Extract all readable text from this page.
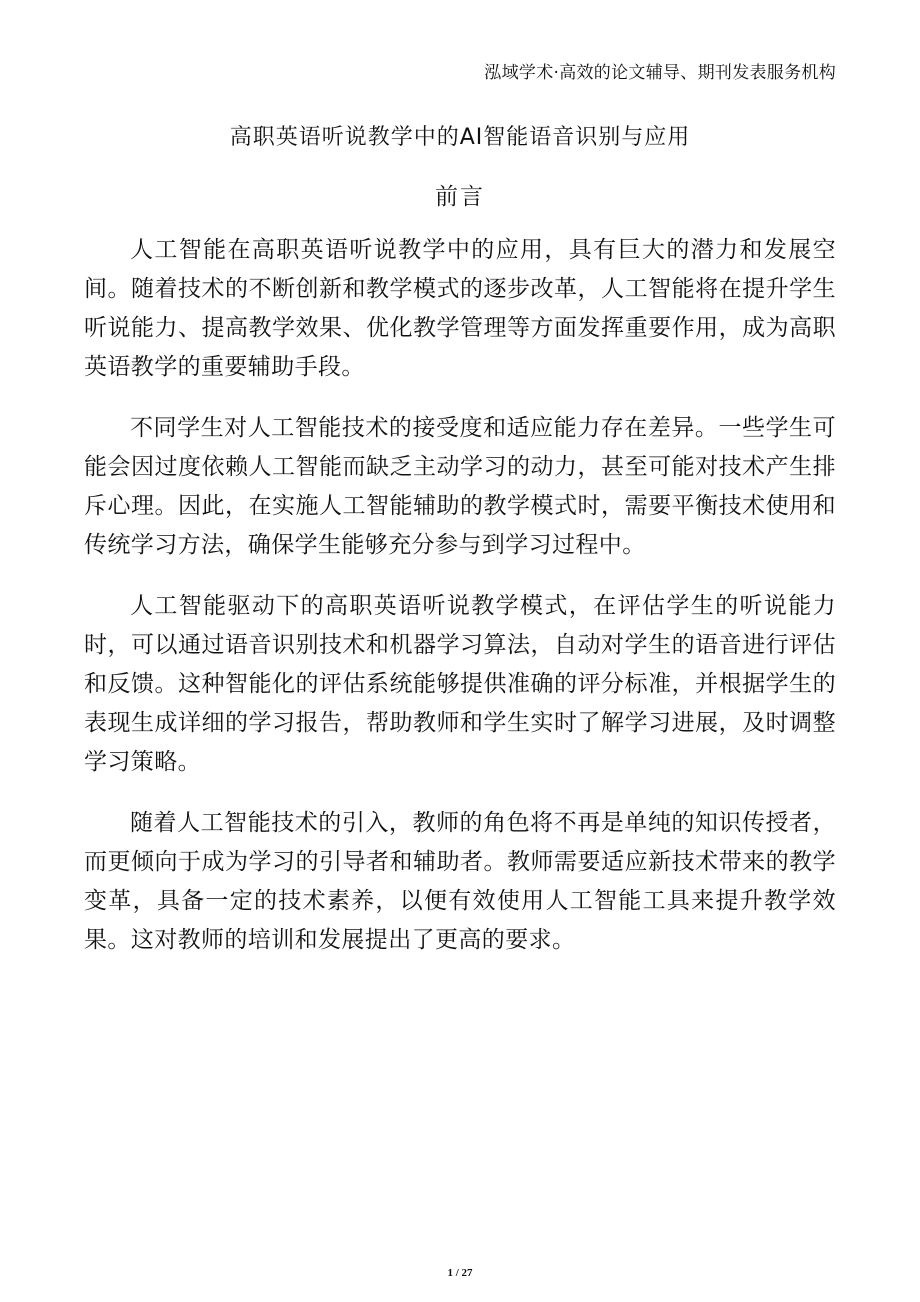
泓域学术·高效的论文辅导、期刊发表服务机构
高职英语听说教学中的AI智能语音识别与应用
前言

人工智能在高职英语听说教学中的应用，具有巨大的潜力和发展空间。随着技术的不断创新和教学模式的逐步改革，人工智能将在提升学生听说能力、提高教学效果、优化教学管理等方面发挥重要作用，成为高职英语教学的重要辅助手段。

不同学生对人工智能技术的接受度和适应能力存在差异。一些学生可能会因过度依赖人工智能而缺乏主动学习的动力，甚至可能对技术产生排斥心理。因此，在实施人工智能辅助的教学模式时，需要平衡技术使用和传统学习方法，确保学生能够充分参与到学习过程中。

人工智能驱动下的高职英语听说教学模式，在评估学生的听说能力时，可以通过语音识别技术和机器学习算法，自动对学生的语音进行评估和反馈。这种智能化的评估系统能够提供准确的评分标准，并根据学生的表现生成详细的学习报告，帮助教师和学生实时了解学习进展，及时调整学习策略。

随着人工智能技术的引入，教师的角色将不再是单纯的知识传授者，而更倾向于成为学习的引导者和辅助者。教师需要适应新技术带来的教学变革，具备一定的技术素养，以便有效使用人工智能工具来提升教学效果。这对教师的培训和发展提出了更高的要求。

1 / 27
